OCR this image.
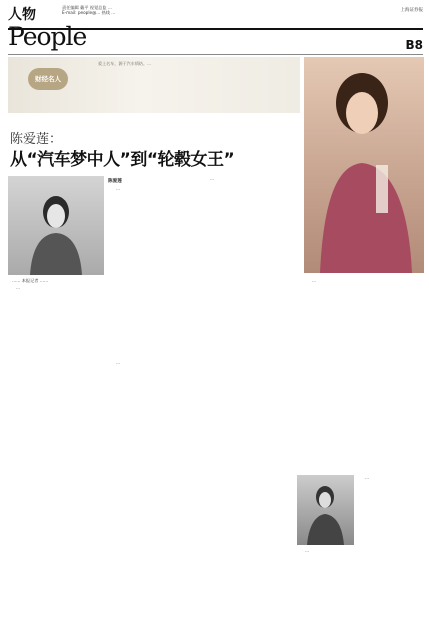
人物
People
责任编辑 戴平 视觉总监 ...
E-mail: people@... 热线 ...	上海证券报
B8
财经名人
爱上名车，源于汽车情结。...
陈爱莲：
从“汽车梦中人”到“轮毂女王”
…… 本报记者 ……
陈爱莲

...

...

...

...

...

...

...
